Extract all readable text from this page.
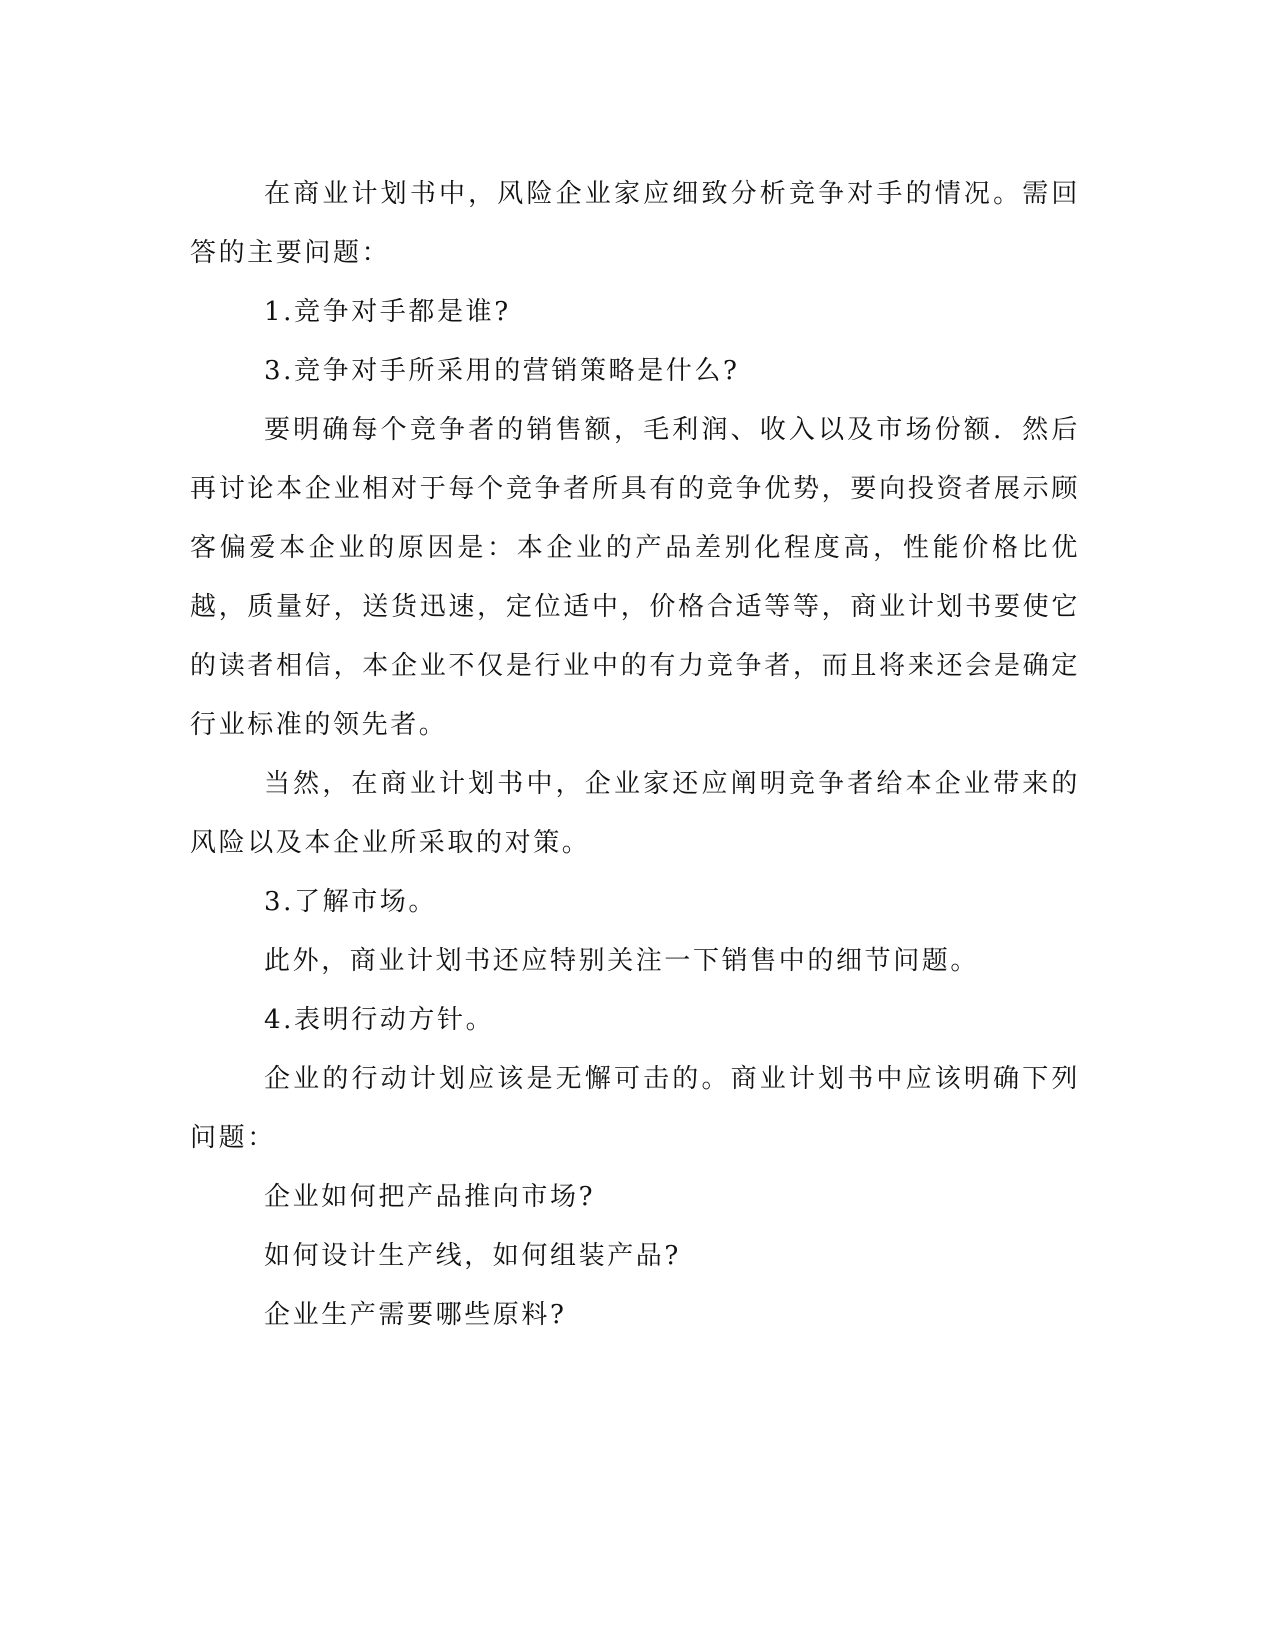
在商业计划书中，风险企业家应细致分析竞争对手的情况。需回答的主要问题：

1.竞争对手都是谁?

3.竞争对手所采用的营销策略是什么?

要明确每个竞争者的销售额，毛利润、收入以及市场份额．然后再讨论本企业相对于每个竞争者所具有的竞争优势，要向投资者展示顾客偏爱本企业的原因是：本企业的产品差别化程度高，性能价格比优越，质量好，送货迅速，定位适中，价格合适等等，商业计划书要使它的读者相信，本企业不仅是行业中的有力竞争者，而且将来还会是确定行业标准的领先者。

当然，在商业计划书中，企业家还应阐明竞争者给本企业带来的风险以及本企业所采取的对策。

3.了解市场。

此外，商业计划书还应特别关注一下销售中的细节问题。

4.表明行动方针。

企业的行动计划应该是无懈可击的。商业计划书中应该明确下列问题：

企业如何把产品推向市场?

如何设计生产线，如何组装产品?

企业生产需要哪些原料?
